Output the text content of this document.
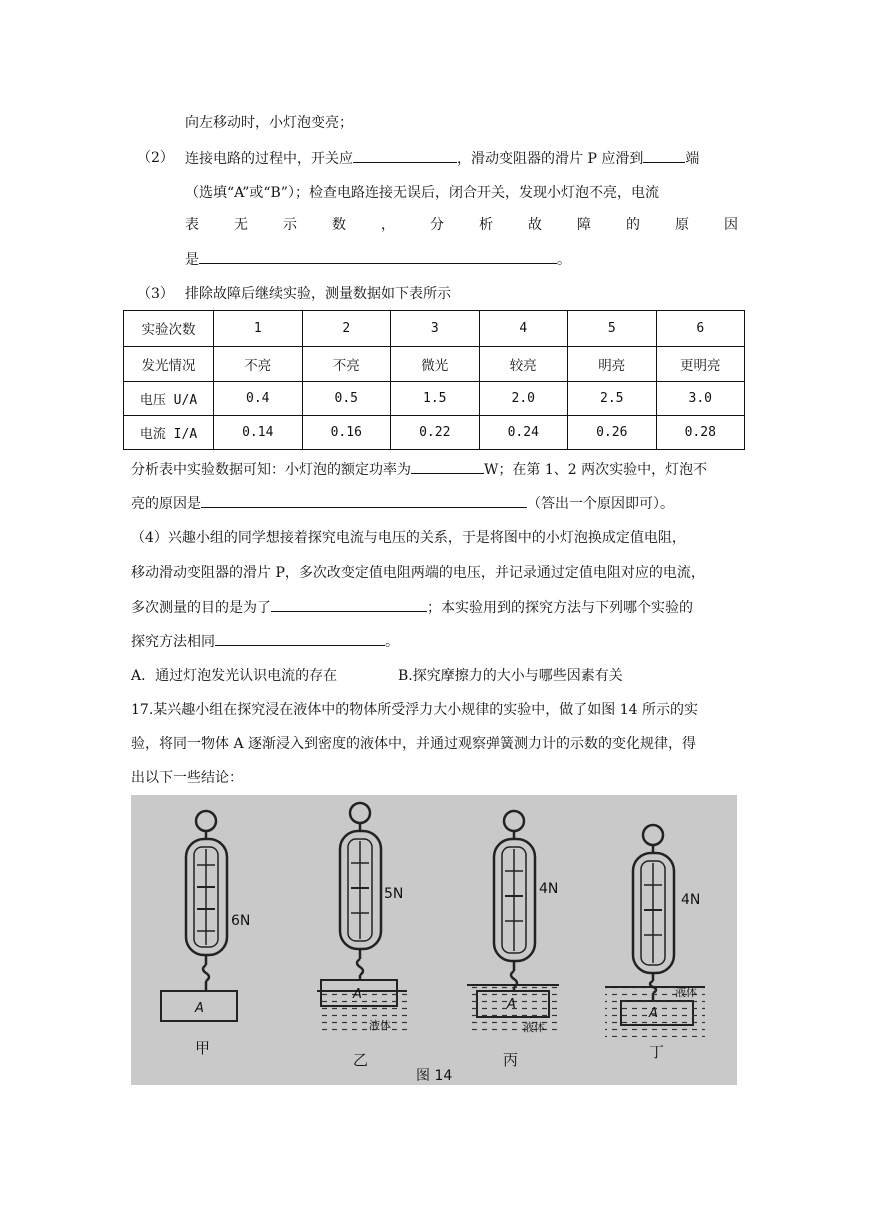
向左移动时，小灯泡变亮；
（2） 连接电路的过程中，开关应	，滑动变阻器的滑片 P 应滑到	端
（选填“A”或“B”）；检查电路连接无误后，闭合开关，发现小灯泡不亮，电流
表	无	示	数	，	分	析	故	障	的	原	因
是	。
（3） 排除故障后继续实验，测量数据如下表所示
实验次数	1	2	3	4	5	6
发光情况	不亮	不亮	微光	较亮	明亮	更明亮
电压 U/A	0.4	0.5	1.5	2.0	2.5	3.0
电流 I/A	0.14	0.16	0.22	0.24	0.26	0.28
分析表中实验数据可知：小灯泡的额定功率为	W；在第 1、2 两次实验中，灯泡不
亮的原因是	（答出一个原因即可）。
（4）兴趣小组的同学想接着探究电流与电压的关系，于是将图中的小灯泡换成定值电阻，
移动滑动变阻器的滑片 P，多次改变定值电阻两端的电压，并记录通过定值电阻对应的电流，
多次测量的目的是为了	；本实验用到的探究方法与下列哪个实验的
探究方法相同	。
A．通过灯泡发光认识电流的存在	B.探究摩擦力的大小与哪些因素有关
17.某兴趣小组在探究浸在液体中的物体所受浮力大小规律的实验中，做了如图 14 所示的实
验，将同一物体 A 逐渐浸入到密度的液体中，并通过观察弹簧测力计的示数的变化规律，得
出以下一些结论：
6N
A
甲
5N
A
液体
乙
4N
A
液体
丙
4N
A
液体
丁
图 14
